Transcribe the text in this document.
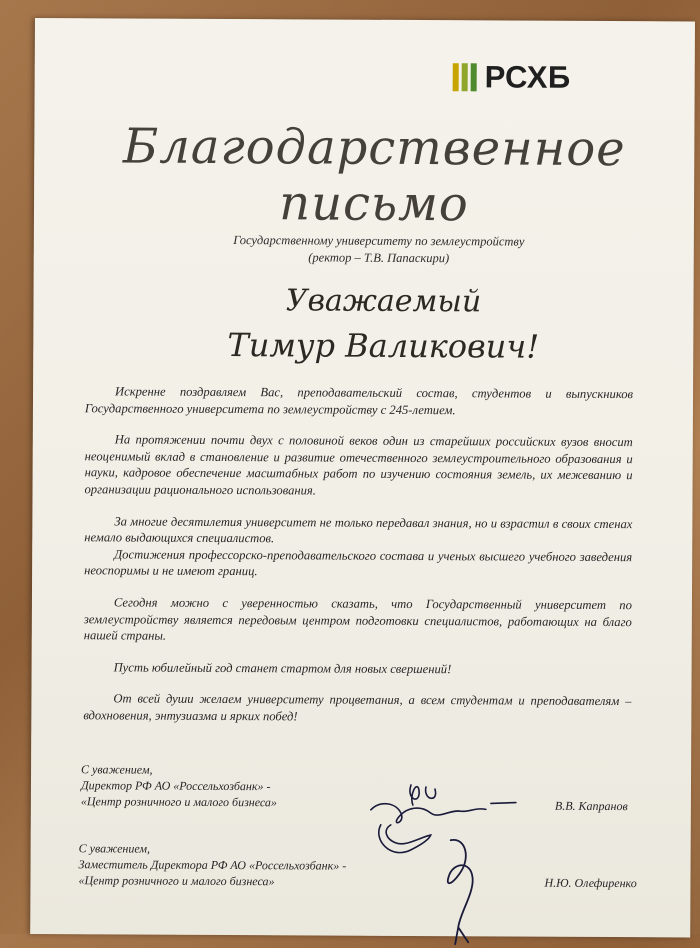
РСХБ
Благодарственное письмо
Государственному университету по землеустройству
(ректор – Т.В. Папаскири)
Уважаемый
Тимур Валикович!

Искренне поздравляем Вас, преподавательский состав, студентов и выпускников Государственного университета по землеустройству с 245-летием.

На протяжении почти двух с половиной веков один из старейших российских вузов вносит неоценимый вклад в становление и развитие отечественного землеустроительного образования и науки, кадровое обеспечение масштабных работ по изучению состояния земель, их межеванию и организации рационального использования.

За многие десятилетия университет не только передавал знания, но и взрастил в своих стенах немало выдающихся специалистов.

Достижения профессорско-преподавательского состава и ученых высшего учебного заведения неоспоримы и не имеют границ.

Сегодня можно с уверенностью сказать, что Государственный университет по землеустройству является передовым центром подготовки специалистов, работающих на благо нашей страны.

Пусть юбилейный год станет стартом для новых свершений!

От всей души желаем университету процветания, а всем студентам и преподавателям – вдохновения, энтузиазма и ярких побед!

С уважением,
Директор РФ АО «Россельхозбанк» -
«Центр розничного и малого бизнеса»	В.В. Капранов
С уважением,
Заместитель Директора РФ АО «Россельхозбанк» -
«Центр розничного и малого бизнеса»	Н.Ю. Олефиренко
